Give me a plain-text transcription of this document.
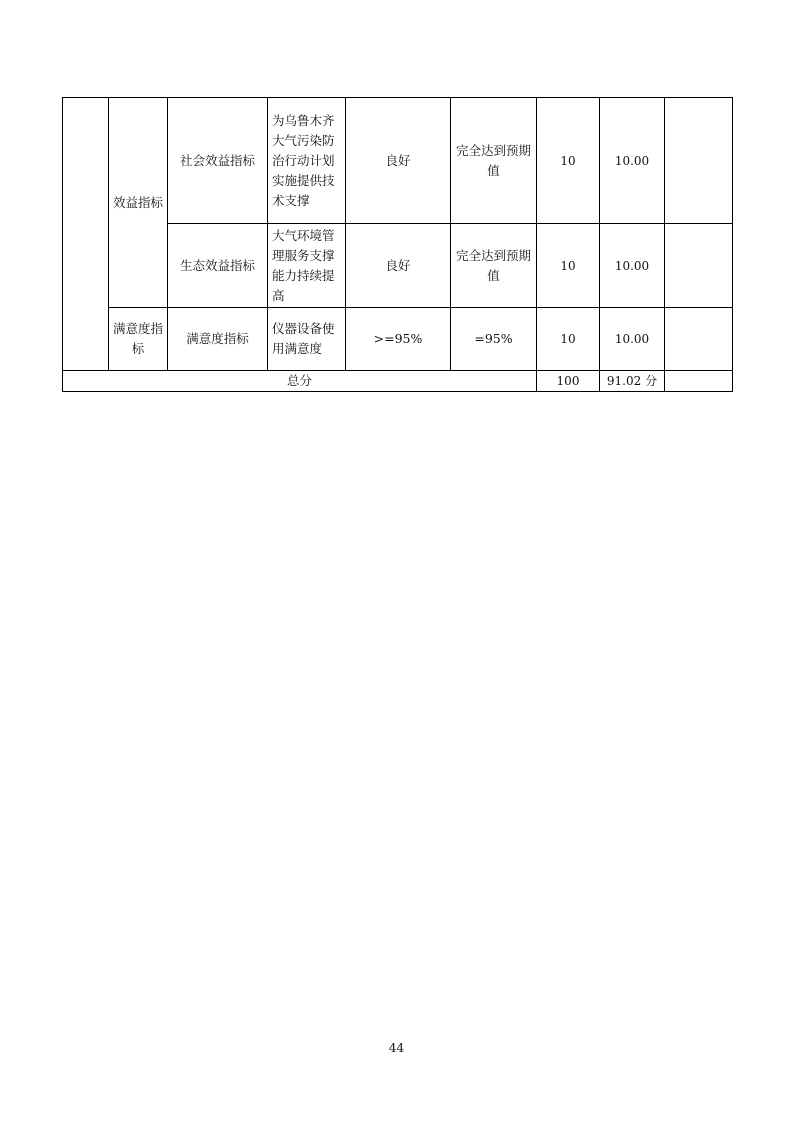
	效益指标	社会效益指标	为乌鲁木齐大气污染防治行动计划实施提供技术支撑	良好	完全达到预期值	10	10.00	
		生态效益指标	大气环境管理服务支撑能力持续提高	良好	完全达到预期值	10	10.00	
	满意度指标	满意度指标	仪器设备使用满意度	>=95%	=95%	10	10.00	
总分						100	91.02 分	
44
